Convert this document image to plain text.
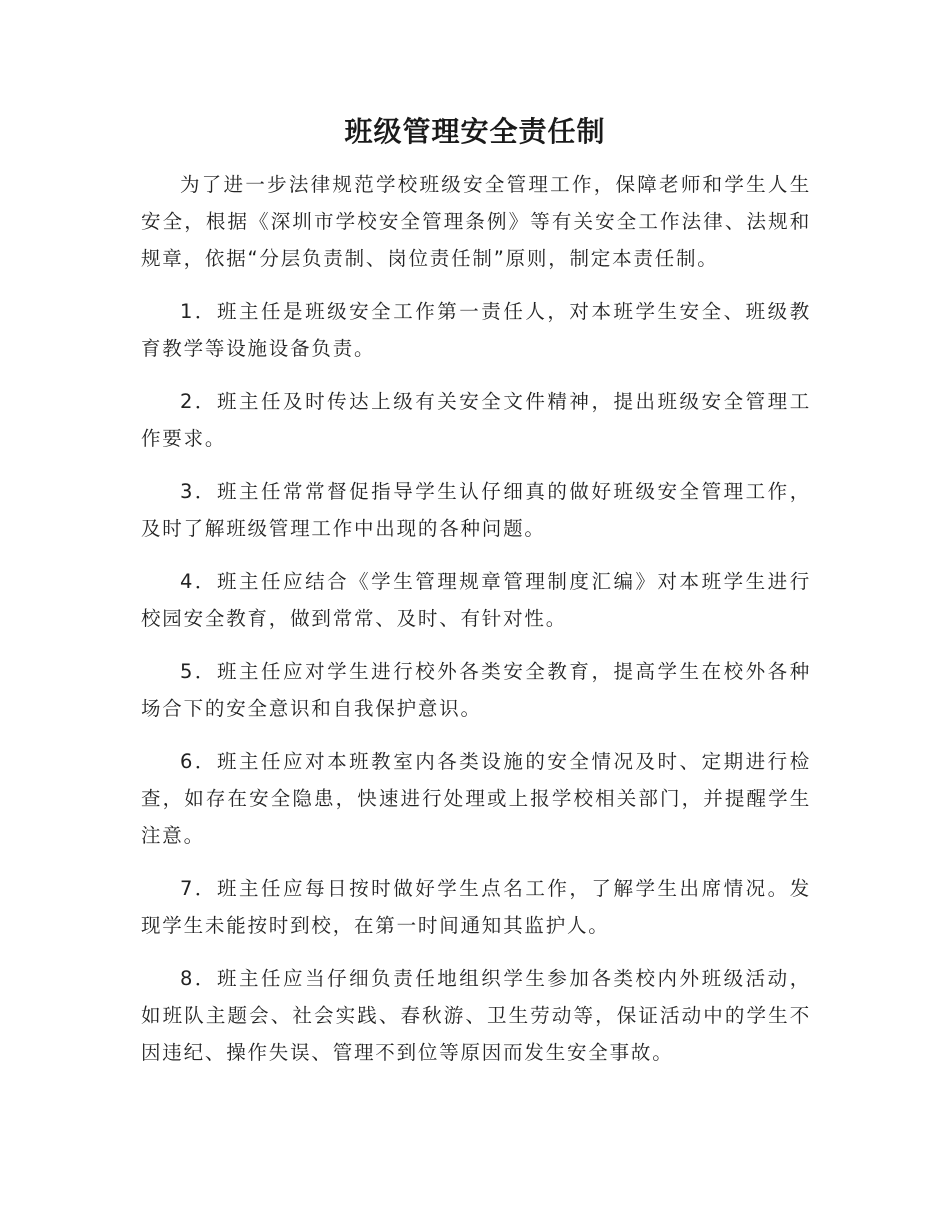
班级管理安全责任制

为了进一步法律规范学校班级安全管理工作，保障老师和学生人生安全，根据《深圳市学校安全管理条例》等有关安全工作法律、法规和规章，依据“分层负责制、岗位责任制”原则，制定本责任制。

1．班主任是班级安全工作第一责任人，对本班学生安全、班级教育教学等设施设备负责。

2．班主任及时传达上级有关安全文件精神，提出班级安全管理工作要求。

3．班主任常常督促指导学生认仔细真的做好班级安全管理工作，及时了解班级管理工作中出现的各种问题。

4．班主任应结合《学生管理规章管理制度汇编》对本班学生进行校园安全教育，做到常常、及时、有针对性。

5．班主任应对学生进行校外各类安全教育，提高学生在校外各种场合下的安全意识和自我保护意识。

6．班主任应对本班教室内各类设施的安全情况及时、定期进行检查，如存在安全隐患，快速进行处理或上报学校相关部门，并提醒学生注意。

7．班主任应每日按时做好学生点名工作，了解学生出席情况。发现学生未能按时到校，在第一时间通知其监护人。

8．班主任应当仔细负责任地组织学生参加各类校内外班级活动，如班队主题会、社会实践、春秋游、卫生劳动等，保证活动中的学生不因违纪、操作失误、管理不到位等原因而发生安全事故。
